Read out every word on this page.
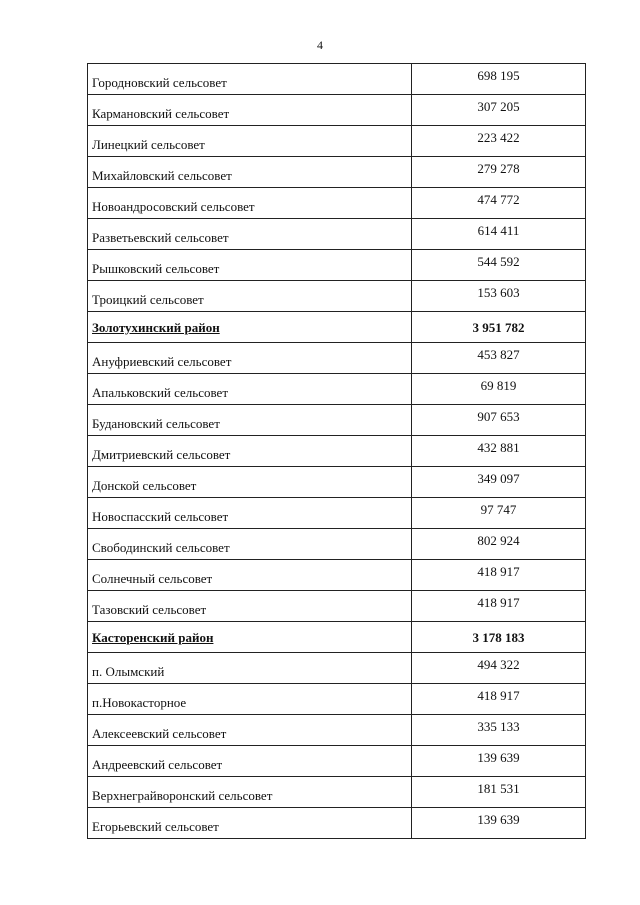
4
Городновский сельсовет	698 195
Кармановский сельсовет	307 205
Линецкий сельсовет	223 422
Михайловский сельсовет	279 278
Новоандросовский сельсовет	474 772
Разветьевский сельсовет	614 411
Рышковский сельсовет	544 592
Троицкий сельсовет	153 603
Золотухинский район	3 951 782
Ануфриевский сельсовет	453 827
Апальковский сельсовет	69 819
Будановский сельсовет	907 653
Дмитриевский сельсовет	432 881
Донской сельсовет	349 097
Новоспасский сельсовет	97 747
Свободинский сельсовет	802 924
Солнечный сельсовет	418 917
Тазовский сельсовет	418 917
Касторенский район	3 178 183
п. Олымский	494 322
п.Новокасторное	418 917
Алексеевский сельсовет	335 133
Андреевский сельсовет	139 639
Верхнеграйворонский сельсовет	181 531
Егорьевский сельсовет	139 639
